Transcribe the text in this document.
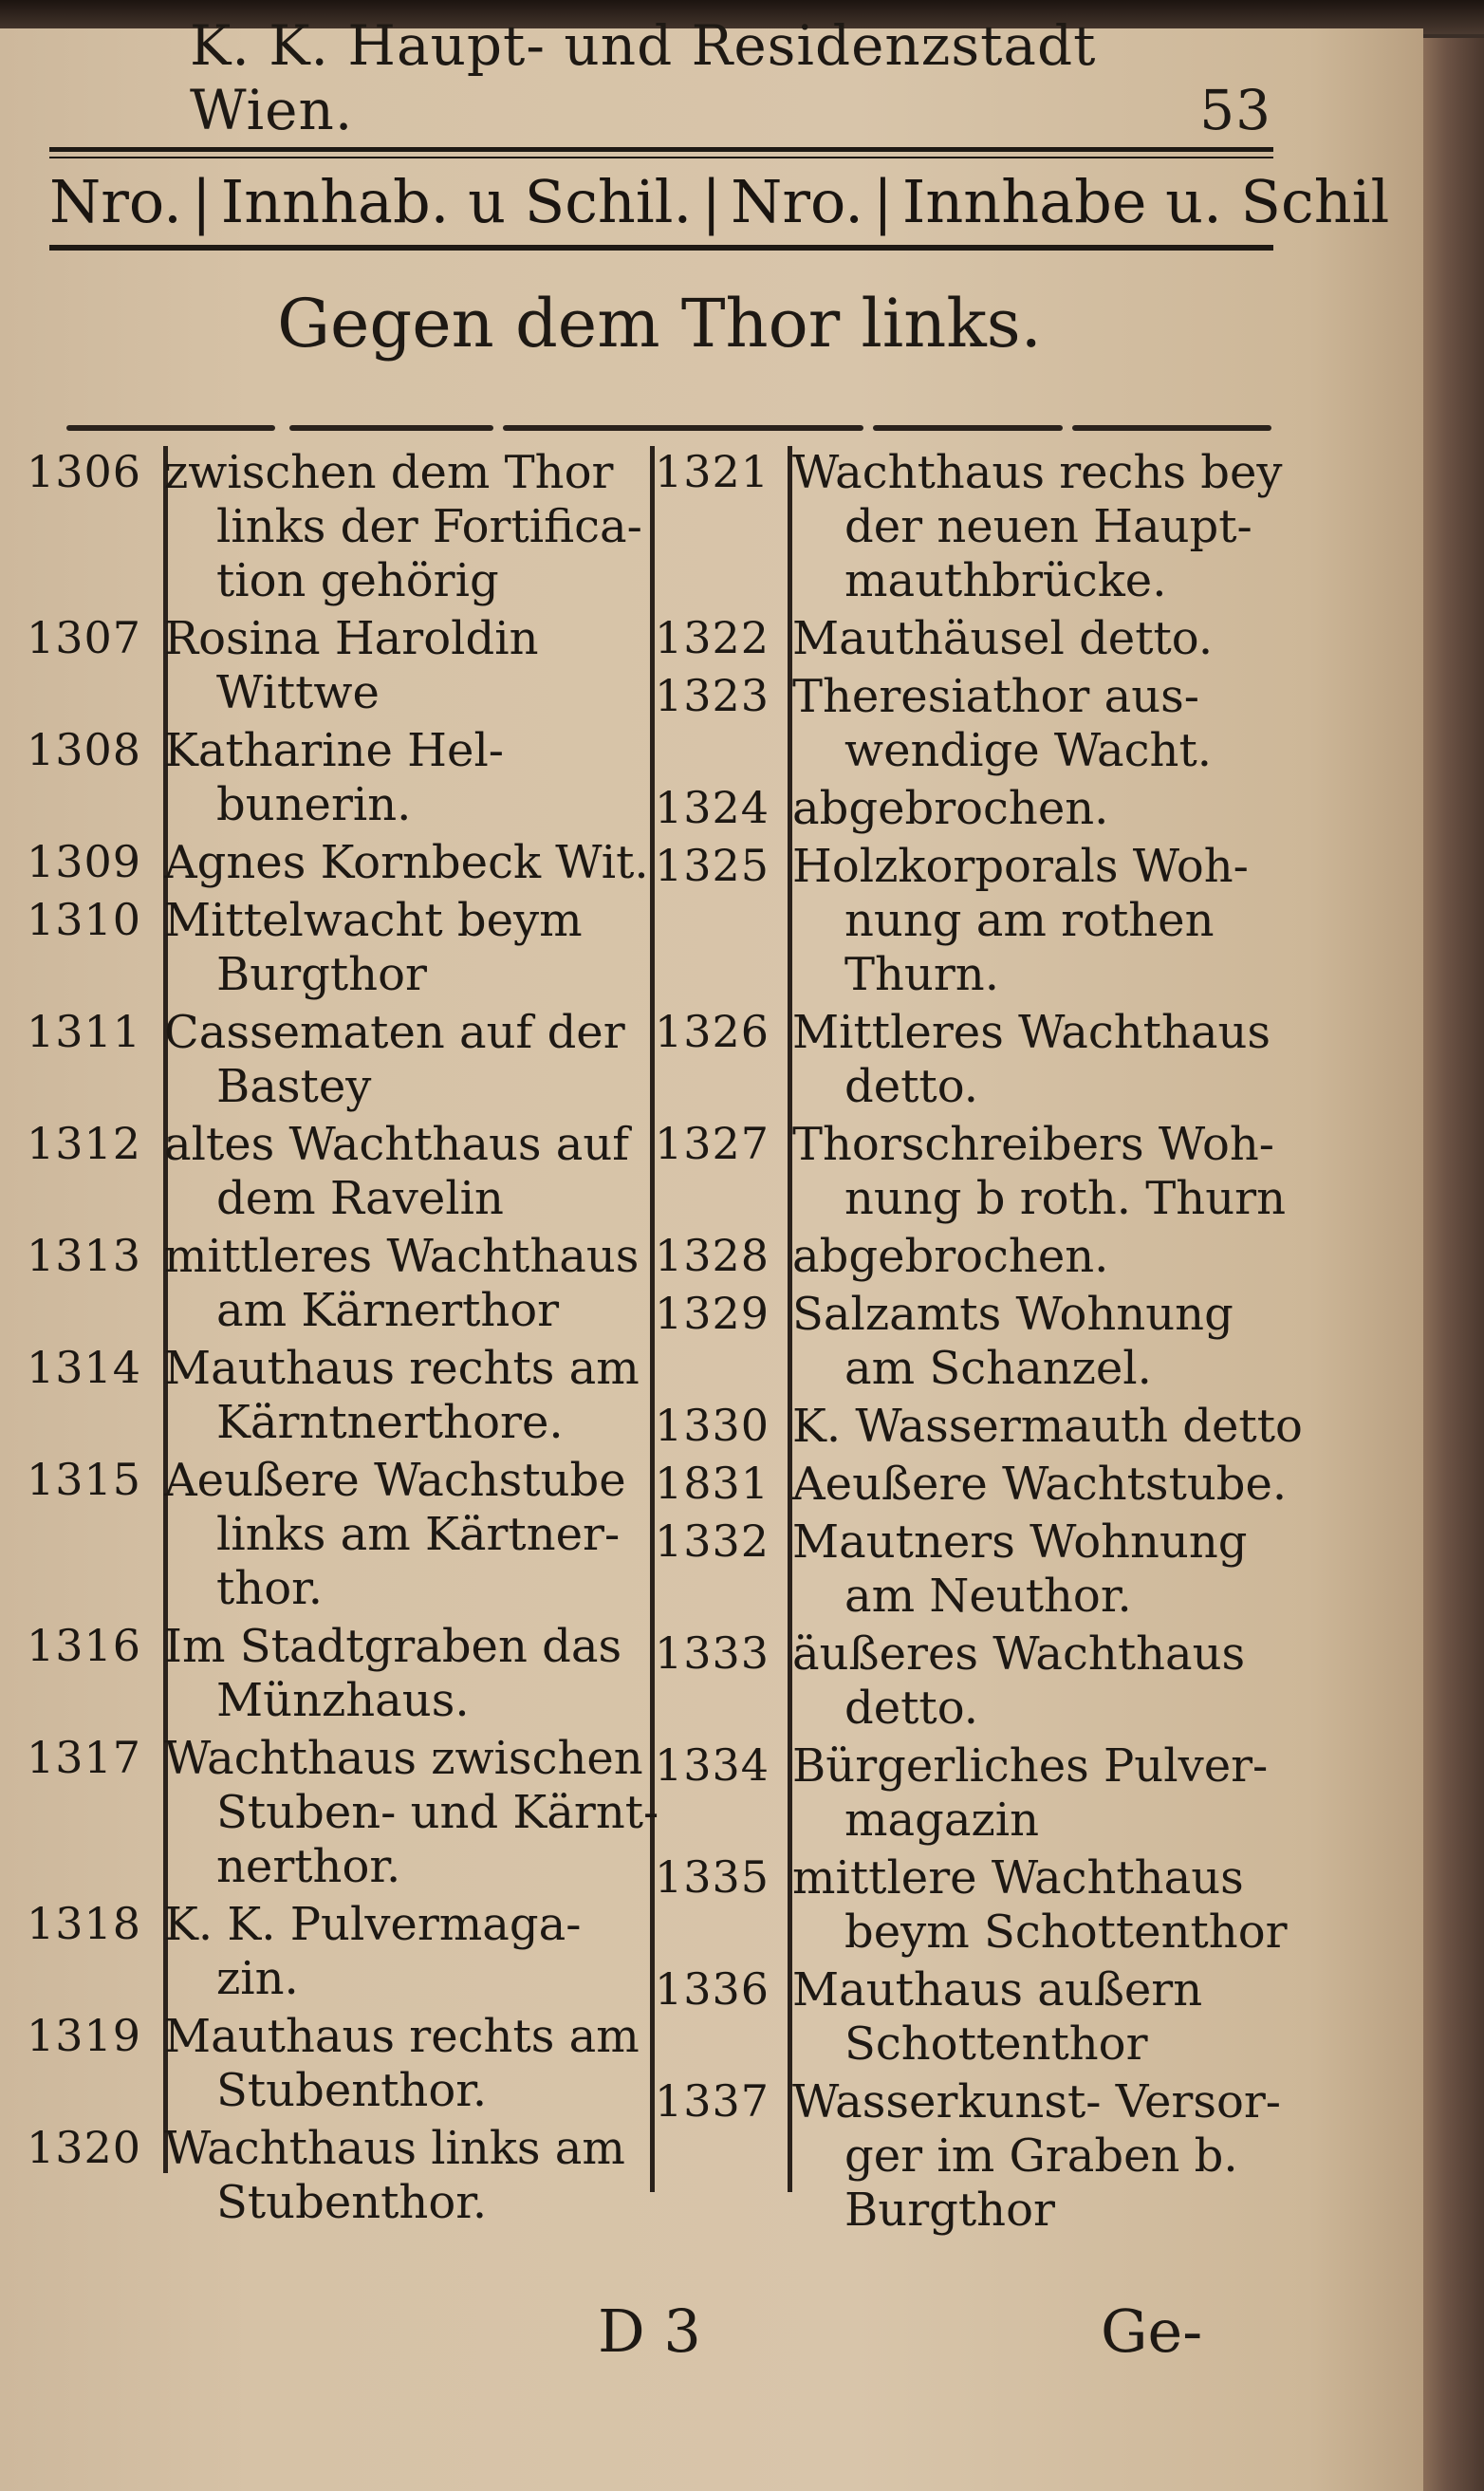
K. K. Haupt- und Residenzstadt Wien.	53
Nro. | Innhab. u Schil. | Nro. | Innhabe u. Schil
Gegen dem Thor links.
1306 zwischen dem Thor
links der Fortifica-
tion gehörig
1307 Rosina Haroldin
Wittwe
1308 Katharine Hel-
bunerin.
1309 Agnes Kornbeck Wit.
1310 Mittelwacht beym
Burgthor
1311 Cassematen auf der
Bastey
1312 altes Wachthaus auf
dem Ravelin
1313 mittleres Wachthaus
am Kärnerthor
1314 Mauthaus rechts am
Kärntnerthore.
1315 Aeußere Wachstube
links am Kärtner-
thor.
1316 Im Stadtgraben das
Münzhaus.
1317 Wachthaus zwischen
Stuben- und Kärnt-
nerthor.
1318 K. K. Pulvermaga-
zin.
1319 Mauthaus rechts am
Stubenthor.
1320 Wachthaus links am
Stubenthor.
1321 Wachthaus rechs bey
der neuen Haupt-
mauthbrücke.
1322 Mauthäusel detto.
1323 Theresiathor aus-
wendige Wacht.
1324 abgebrochen.
1325 Holzkorporals Woh-
nung am rothen
Thurn.
1326 Mittleres Wachthaus
detto.
1327 Thorschreibers Woh-
nung b roth. Thurn
1328 abgebrochen.
1329 Salzamts Wohnung
am Schanzel.
1330 K. Wassermauth detto
1831 Aeußere Wachtstube.
1332 Mautners Wohnung
am Neuthor.
1333 äußeres Wachthaus
detto.
1334 Bürgerliches Pulver-
magazin
1335 mittlere Wachthaus
beym Schottenthor
1336 Mauthaus außern
Schottenthor
1337 Wasserkunst- Versor-
ger im Graben b.
Burgthor
D 3	Ge-
